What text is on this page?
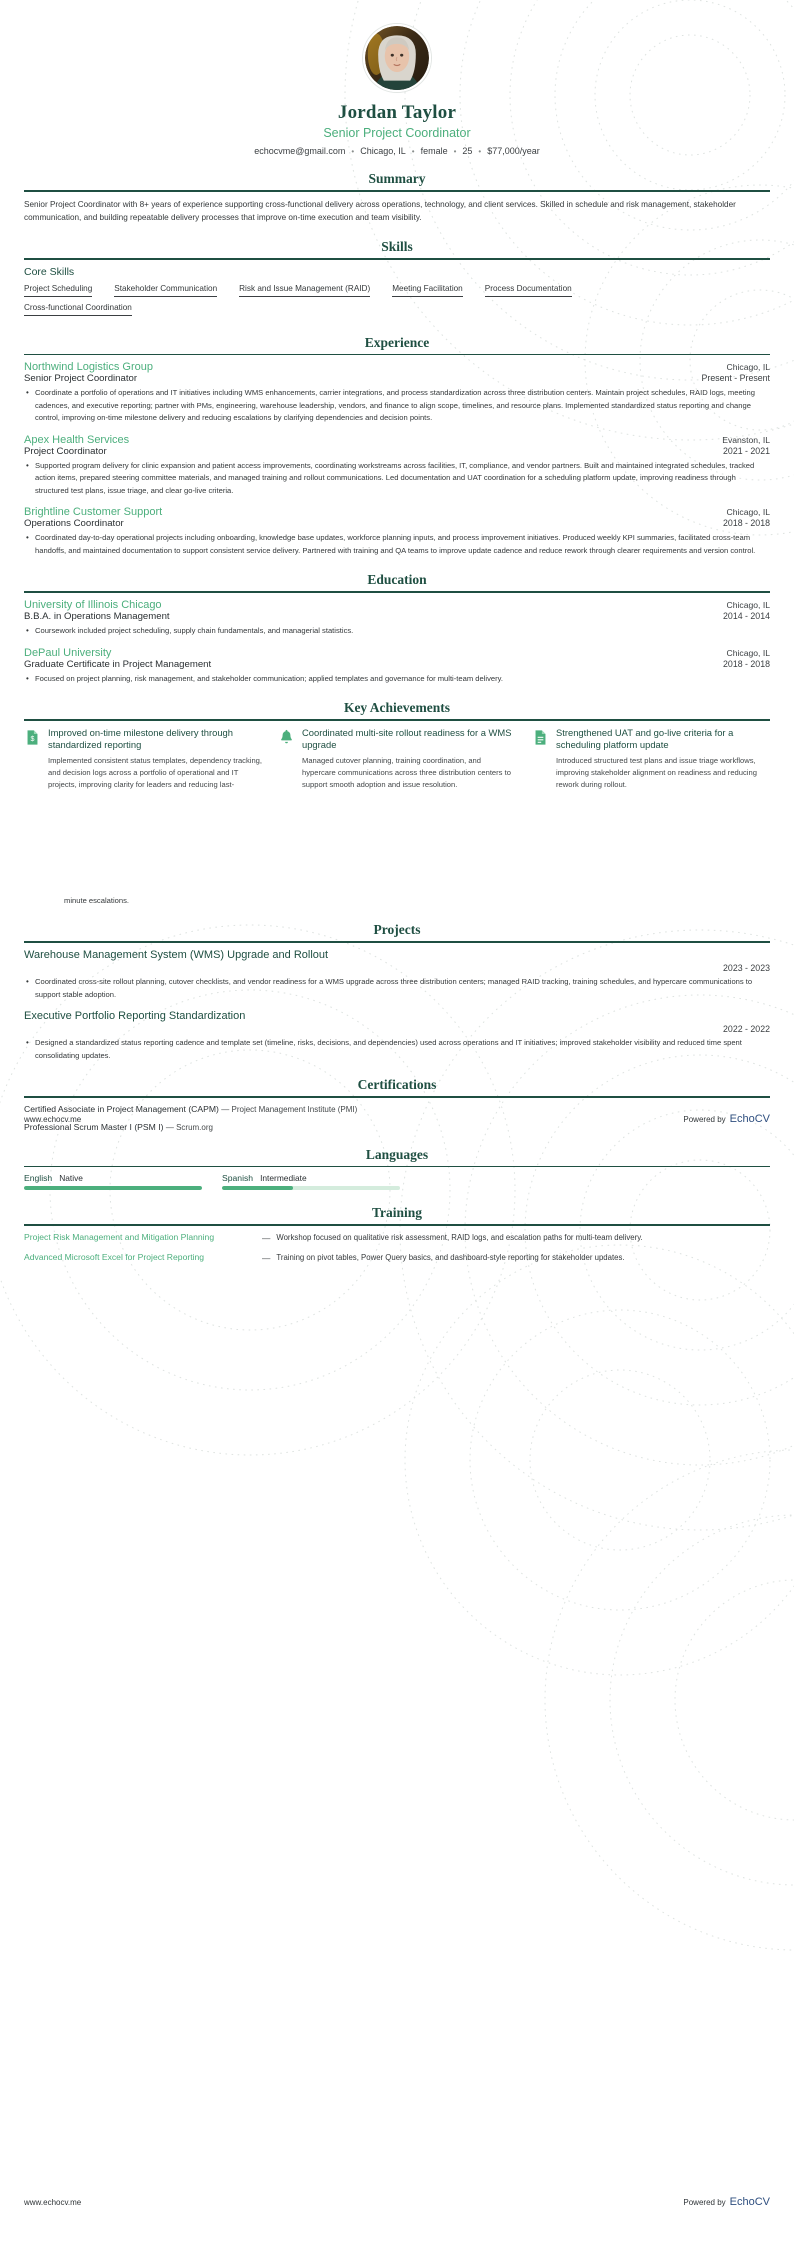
Jordan Taylor
Senior Project Coordinator
echocvme@gmail.com • Chicago, IL • female • 25 • $77,000/year
Summary
Senior Project Coordinator with 8+ years of experience supporting cross-functional delivery across operations, technology, and client services. Skilled in schedule and risk management, stakeholder communication, and building repeatable delivery processes that improve on-time execution and team visibility.
Skills
Core Skills
Project Scheduling	Stakeholder Communication	Risk and Issue Management (RAID)	Meeting Facilitation	Process Documentation
Cross-functional Coordination
Experience
Northwind Logistics Group	Chicago, IL
Senior Project Coordinator	Present - Present
• Coordinate a portfolio of operations and IT initiatives including WMS enhancements, carrier integrations, and process standardization across three distribution centers. Maintain project schedules, RAID logs, meeting cadences, and executive reporting; partner with PMs, engineering, warehouse leadership, vendors, and finance to align scope, timelines, and resource plans. Implemented standardized status reporting and change control, improving on-time milestone delivery and reducing escalations by clarifying dependencies and decision points.
Apex Health Services	Evanston, IL
Project Coordinator	2021 - 2021
• Supported program delivery for clinic expansion and patient access improvements, coordinating workstreams across facilities, IT, compliance, and vendor partners. Built and maintained integrated schedules, tracked action items, prepared steering committee materials, and managed training and rollout communications. Led documentation and UAT coordination for a scheduling platform update, improving readiness through structured test plans, issue triage, and clear go-live criteria.
Brightline Customer Support	Chicago, IL
Operations Coordinator	2018 - 2018
• Coordinated day-to-day operational projects including onboarding, knowledge base updates, workforce planning inputs, and process improvement initiatives. Produced weekly KPI summaries, facilitated cross-team handoffs, and maintained documentation to support consistent service delivery. Partnered with training and QA teams to improve update cadence and reduce rework through clearer requirements and version control.
Education
University of Illinois Chicago	Chicago, IL
B.B.A. in Operations Management	2014 - 2014
• Coursework included project scheduling, supply chain fundamentals, and managerial statistics.
DePaul University	Chicago, IL
Graduate Certificate in Project Management	2018 - 2018
• Focused on project planning, risk management, and stakeholder communication; applied templates and governance for multi-team delivery.
Key Achievements
$
Improved on-time milestone delivery through standardized reporting
Implemented consistent status templates, dependency tracking, and decision logs across a portfolio of operational and IT projects, improving clarity for leaders and reducing last-
Coordinated multi-site rollout readiness for a WMS upgrade
Managed cutover planning, training coordination, and hypercare communications across three distribution centers to support smooth adoption and issue resolution.
Strengthened UAT and go-live criteria for a scheduling platform update
Introduced structured test plans and issue triage workflows, improving stakeholder alignment on readiness and reducing rework during rollout.
minute escalations.
Projects
Warehouse Management System (WMS) Upgrade and Rollout
2023 - 2023
• Coordinated cross-site rollout planning, cutover checklists, and vendor readiness for a WMS upgrade across three distribution centers; managed RAID tracking, training schedules, and hypercare communications to support stable adoption.
Executive Portfolio Reporting Standardization
2022 - 2022
• Designed a standardized status reporting cadence and template set (timeline, risks, decisions, and dependencies) used across operations and IT initiatives; improved stakeholder visibility and reduced time spent consolidating updates.
Certifications
Certified Associate in Project Management (CAPM) — Project Management Institute (PMI)
Professional Scrum Master I (PSM I) — Scrum.org
Languages
English Native	Spanish Intermediate
Training
Project Risk Management and Mitigation Planning	— Workshop focused on qualitative risk assessment, RAID logs, and escalation paths for multi-team delivery.
Advanced Microsoft Excel for Project Reporting	— Training on pivot tables, Power Query basics, and dashboard-style reporting for stakeholder updates.
www.echocv.me	Powered by EchoCV
www.echocv.me	Powered by EchoCV
